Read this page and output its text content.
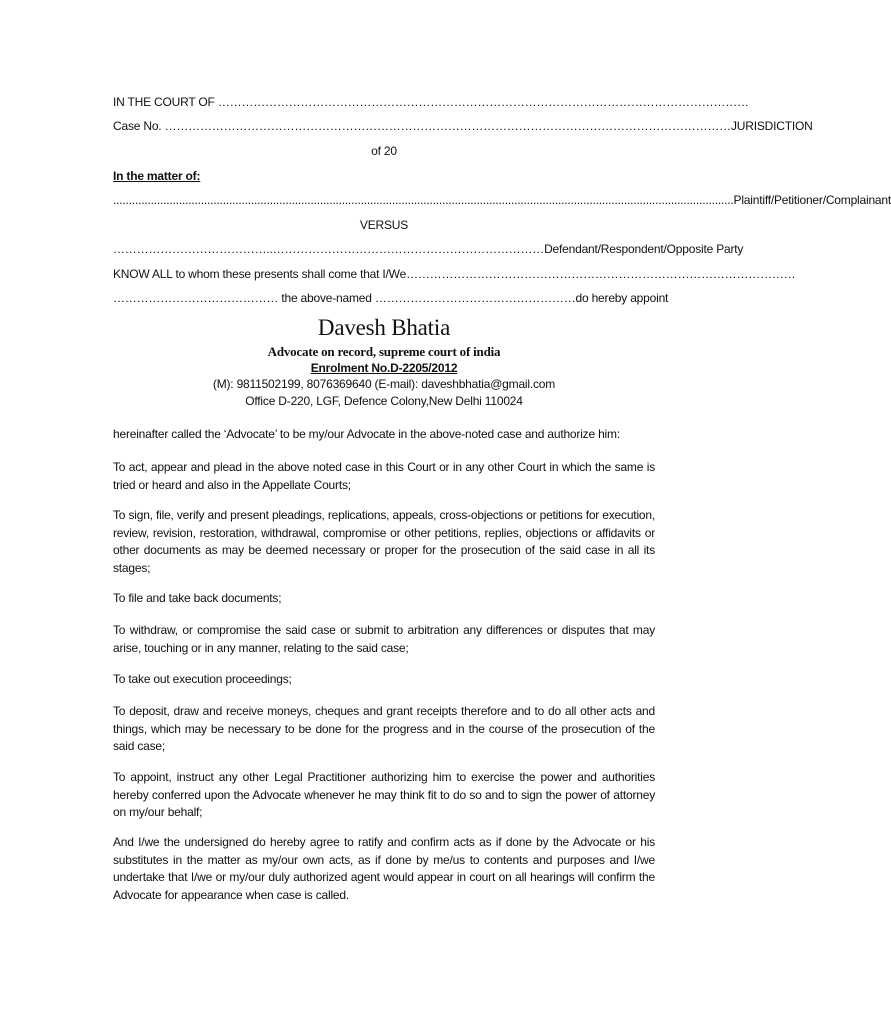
IN THE COURT OF ………………………………………………………………………………………………………………………
Case No. ……………………………………………………………………………………………………………………………… JURISDICTION
of 20
In the matter of:
...................................................................................................................................................................................................... Plaintiff/Petitioner/Complainant
VERSUS
…………………………………..…………………………………………………………… Defendant/Respondent/Opposite Party
KNOW ALL to whom these presents shall come that I/We………………………………………………………………………………………
…………………………………… the above-named …………………………………………… do hereby appoint
Davesh Bhatia
Advocate on record, supreme court of india
Enrolment No.D-2205/2012
(M): 9811502199, 8076369640 (E-mail): daveshbhatia@gmail.com
Office D-220, LGF, Defence Colony,New Delhi 110024

hereinafter called the ‘Advocate’ to be my/our Advocate in the above-noted case and authorize him:

To act, appear and plead in the above noted case in this Court or in any other Court in which the same is tried or heard and also in the Appellate Courts;

To sign, file, verify and present pleadings, replications, appeals, cross-objections or petitions for execution, review, revision, restoration, withdrawal, compromise or other petitions, replies, objections or affidavits or other documents as may be deemed necessary or proper for the prosecution of the said case in all its stages;

To file and take back documents;

To withdraw, or compromise the said case or submit to arbitration any differences or disputes that may arise, touching or in any manner, relating to the said case;

To take out execution proceedings;

To deposit, draw and receive moneys, cheques and grant receipts therefore and to do all other acts and things, which may be necessary to be done for the progress and in the course of the prosecution of the said case;

To appoint, instruct any other Legal Practitioner authorizing him to exercise the power and authorities hereby conferred upon the Advocate whenever he may think fit to do so and to sign the power of attorney on my/our behalf;

And I/we the undersigned do hereby agree to ratify and confirm acts as if done by the Advocate or his substitutes in the matter as my/our own acts, as if done by me/us to contents and purposes and I/we undertake that I/we or my/our duly authorized agent would appear in court on all hearings will confirm the Advocate for appearance when case is called.
